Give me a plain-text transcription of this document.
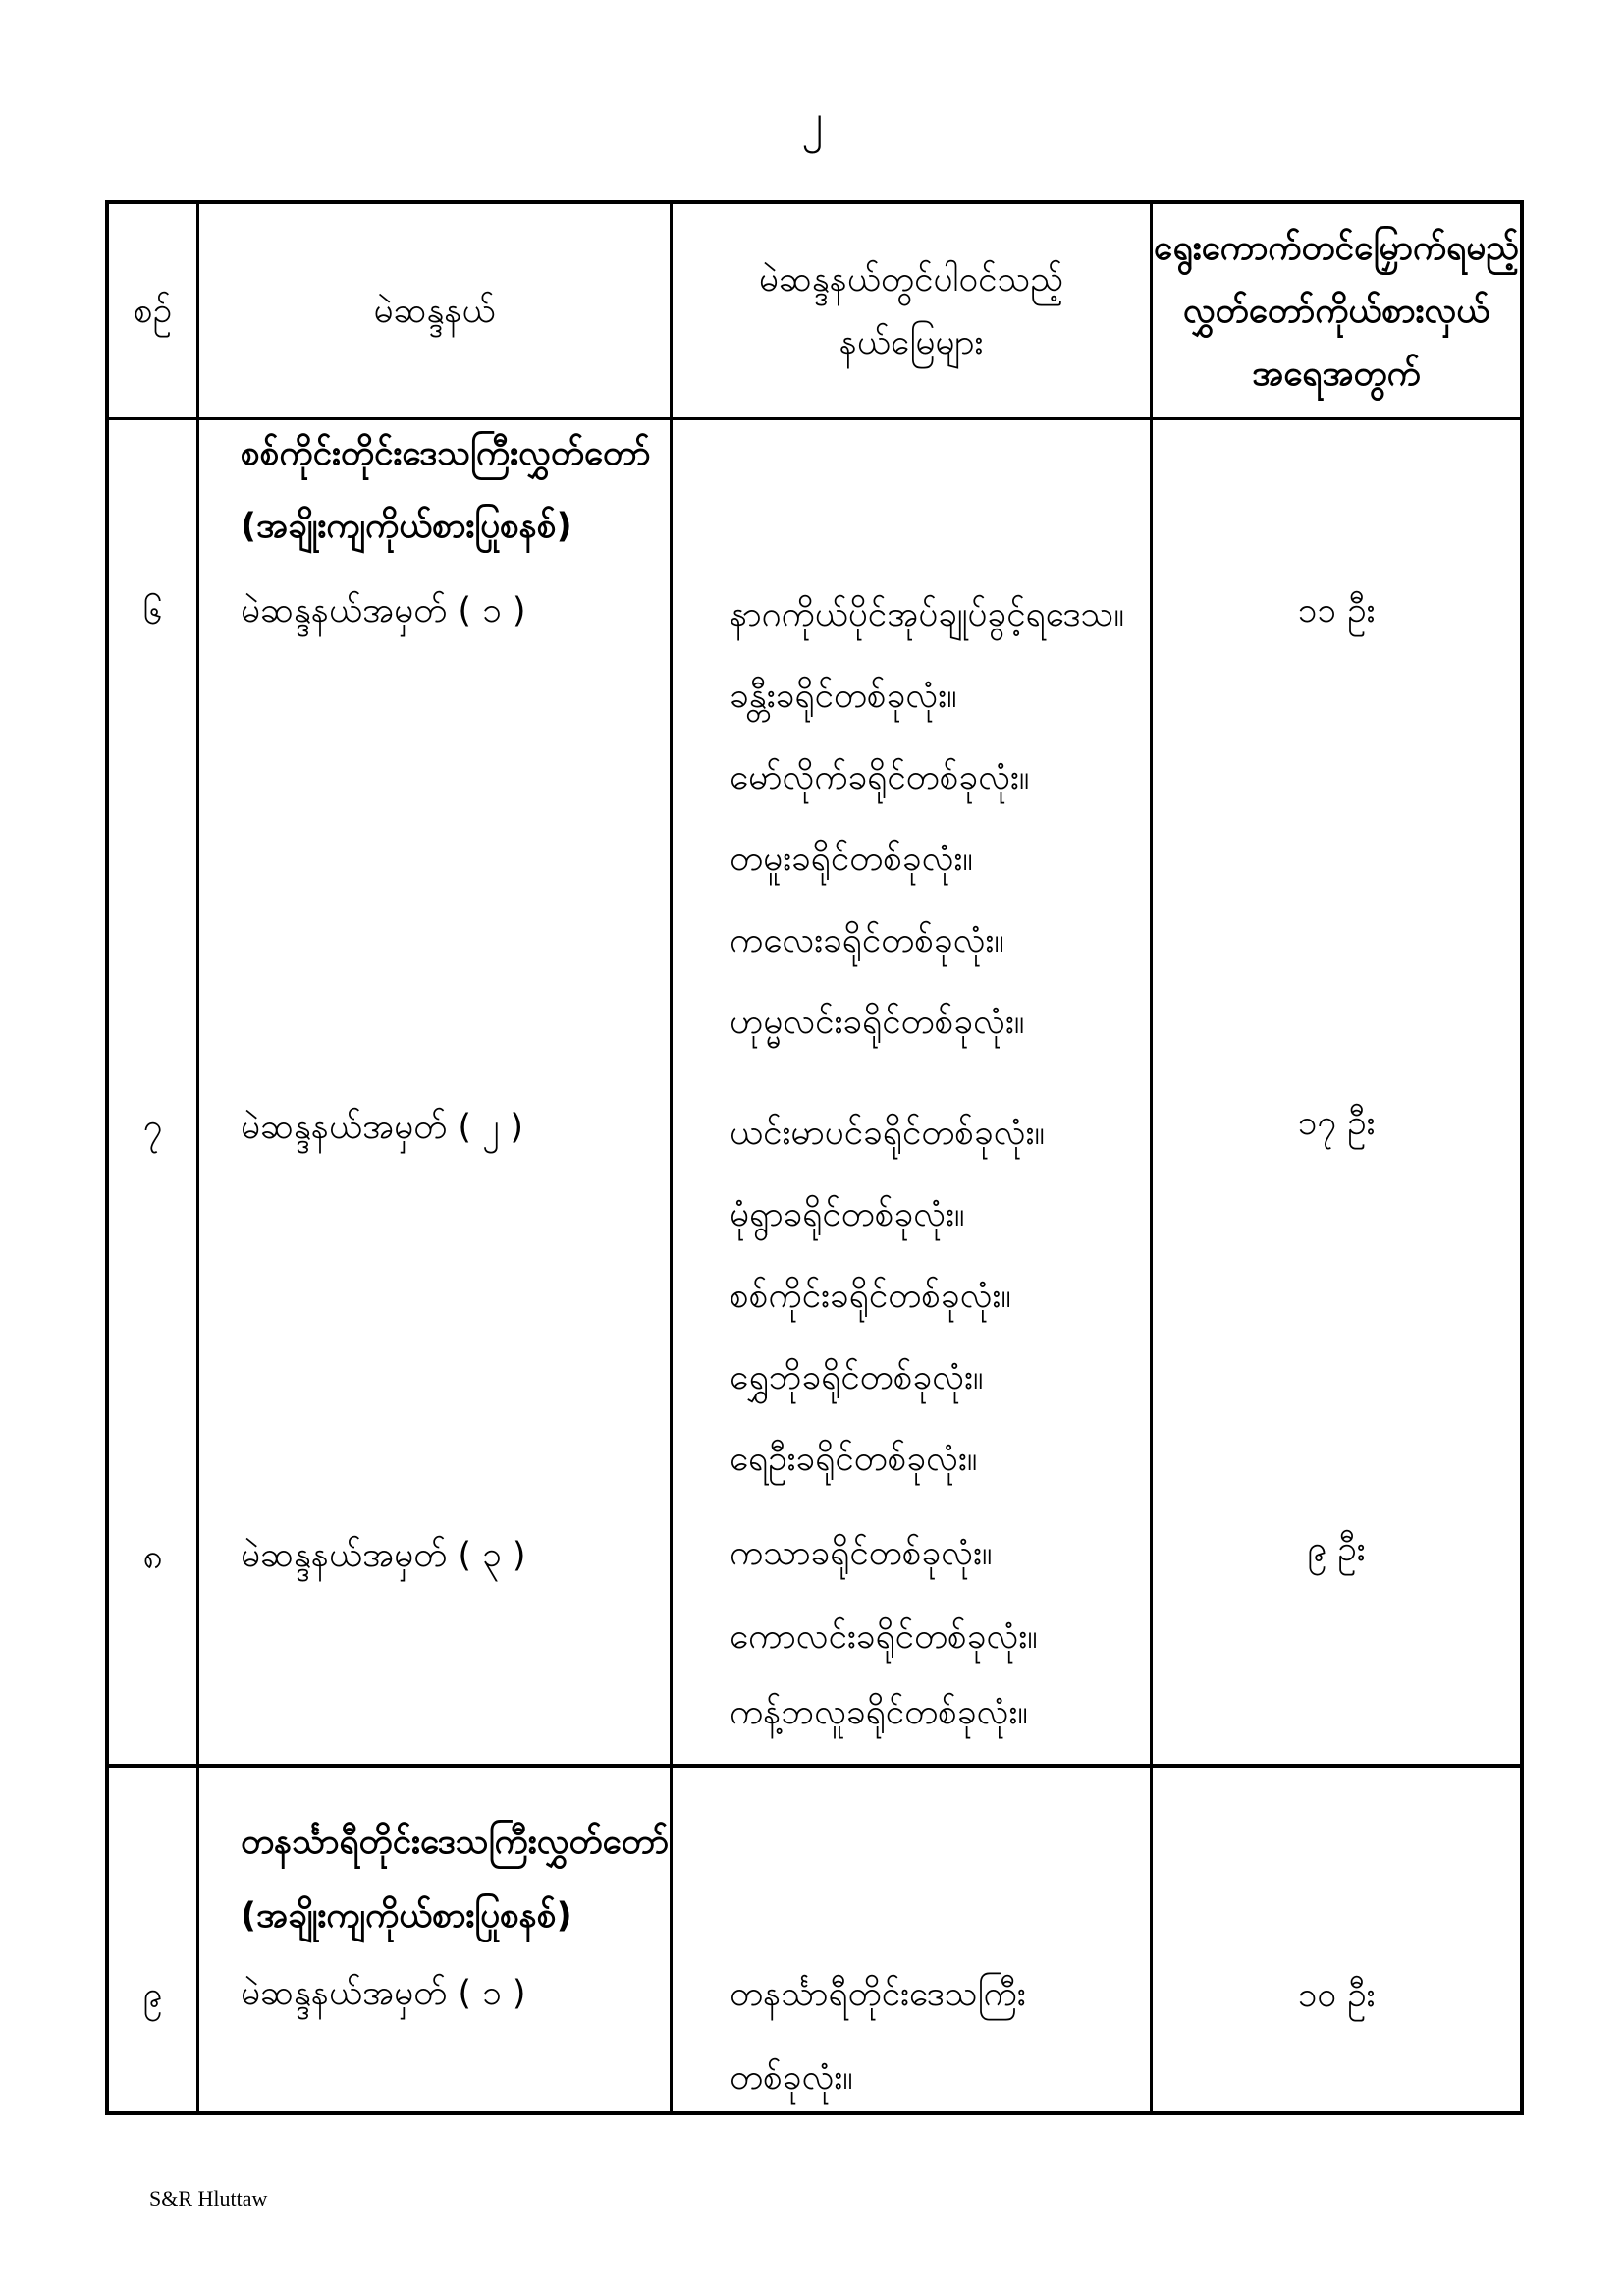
၂
စဉ်	မဲဆန္ဒနယ်
မဲဆန္ဒနယ်တွင်ပါဝင်သည့်
နယ်မြေများ
ရွေးကောက်တင်မြှောက်ရမည့်
လွှတ်တော်ကိုယ်စားလှယ်
အရေအတွက်
၆
၇
၈
စစ်ကိုင်းတိုင်းဒေသကြီးလွှတ်တော်
(အချိုးကျကိုယ်စားပြုစနစ်)
မဲဆန္ဒနယ်အမှတ် ( ၁ )
မဲဆန္ဒနယ်အမှတ် ( ၂ )
မဲဆန္ဒနယ်အမှတ် ( ၃ )
နာဂကိုယ်ပိုင်အုပ်ချုပ်ခွင့်ရဒေသ။
ခန္တီးခရိုင်တစ်ခုလုံး။
မော်လိုက်ခရိုင်တစ်ခုလုံး။
တမူးခရိုင်တစ်ခုလုံး။
ကလေးခရိုင်တစ်ခုလုံး။
ဟုမ္မလင်းခရိုင်တစ်ခုလုံး။
ယင်းမာပင်ခရိုင်တစ်ခုလုံး။
မုံရွာခရိုင်တစ်ခုလုံး။
စစ်ကိုင်းခရိုင်တစ်ခုလုံး။
ရွှေဘိုခရိုင်တစ်ခုလုံး။
ရေဦးခရိုင်တစ်ခုလုံး။
ကသာခရိုင်တစ်ခုလုံး။
ကောလင်းခရိုင်တစ်ခုလုံး။
ကန့်ဘလူခရိုင်တစ်ခုလုံး။
၁၁ ဦး
၁၇ ဦး
၉ ဦး
၉
တနင်္သာရီတိုင်းဒေသကြီးလွှတ်တော်
(အချိုးကျကိုယ်စားပြုစနစ်)
မဲဆန္ဒနယ်အမှတ် ( ၁ )	တနင်္သာရီတိုင်းဒေသကြီး
တစ်ခုလုံး။
၁၀ ဦး
S&R Hluttaw
